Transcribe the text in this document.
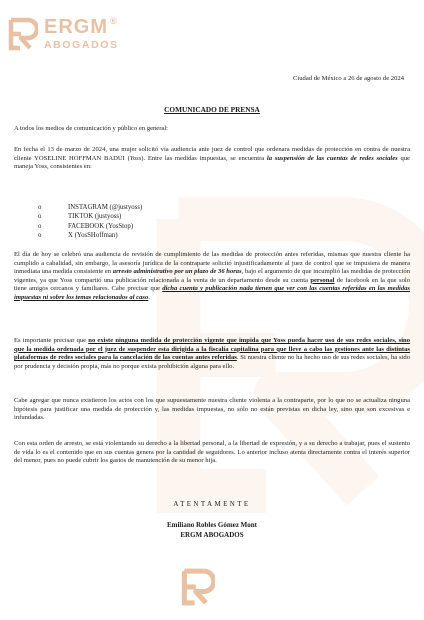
ERGM ®
ABOGADOS
Ciudad de México a 26 de agosto de 2024
COMUNICADO DE PRENSA
A todos los medios de comunicación y público en general:
En fecha el 13 de marzo de 2024, una mujer solicitó vía audiencia ante juez de control que ordenara medidas de protección en contra de nuestra cliente YOSELINE HOFFMAN BADUI (Yoss). Entre las medidas impuestas, se encuentra la suspensión de las cuentas de redes sociales que maneja Yoss, consistentes en:
o	INSTAGRAM (@justyoss)
o	TIKTOK (justyoss)
o	FACEBOOK (YosStop)
o	X (YosSHoffman)
El día de hoy se celebró una audiencia de revisión de cumplimiento de las medidas de protección antes referidas, mismas que nuestra cliente ha cumplido a cabalidad, sin embargo, la asesoría jurídica de la contraparte solicitó injustificadamente al juez de control que se impusiera de manera inmediata una medida consistente en arresto administrativo por un plazo de 36 horas, bajo el argumento de que incumplió las medidas de protección vigentes, ya que Yoss compartió una publicación relacionada a la venta de un departamento desde su cuenta personal de facebook en la que solo tiene amigos cercanos y familiares. Cabe precisar que dicha cuenta y publicación nada tienen que ver con las cuentas referidas en las medidas impuestas ni sobre los temas relacionados al caso.
Es importante precisar que no existe ninguna medida de protección vigente que impida que Yoss pueda hacer uso de sus redes sociales, sino que la medida ordenada por el juez de suspender esta dirigida a la fiscalía capitalina para que lleve a cabo las gestiones ante las distintas plataformas de redes sociales para la cancelación de las cuentas antes referidas. Si nuestra cliente no ha hecho uso de sus redes sociales, ha sido por prudencia y decisión propia, más no porque exista prohibición alguna para ello.
Cabe agregar que nunca existieron los actos con los que supuestamente nuestra cliente violenta a la contraparte, por lo que no se actualiza ninguna hipótesis para justificar una medida de protección y, las medidas impuestas, no sólo no están previstas en dicha ley, sino que son excesivas e infundadas.
Con esta orden de arresto, se está violentando su derecho a la libertad personal, a la libertad de expresión, y a su derecho a trabajar, pues el sustento de vida lo es el contenido que en sus cuentas genera por la cantidad de seguidores. Lo anterior incluso atenta directamente contra el interés superior del menor, pues no puede cubrir los gastos de manutención de su menor hija.
ATENTAMENTE
Emiliano Robles Gómez Mont
ERGM ABOGADOS
